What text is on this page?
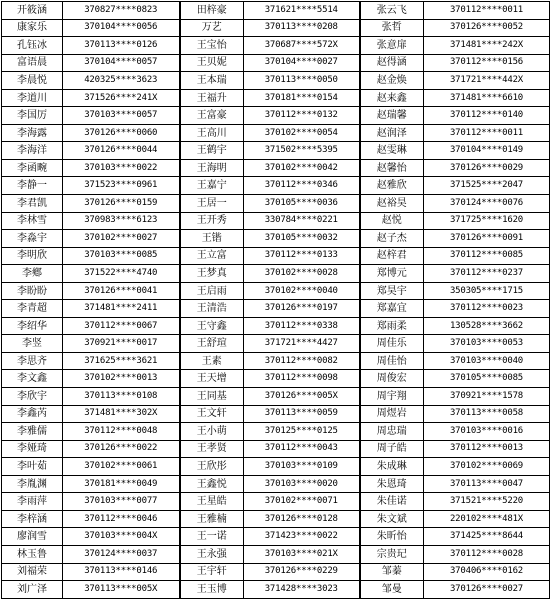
开筱涵	370827****0823	田梓豪	371621****5514	张云飞	370112****0011
康家乐	370104****0056	万艺	370113****0208	张哲	370126****0052
孔钰冰	370113****0126	王宝怡	370687****572X	张意扉	371481****242X
富语晨	370104****0057	王贝妮	370104****0027	赵得涵	370112****0156
李晨悦	420325****3623	王本瑞	370113****0050	赵金焕	371721****442X
李道川	371526****241X	王福升	370181****0154	赵来鑫	371481****6610
李国厉	370103****0057	王富豪	370112****0132	赵瑞馨	370112****0140
李海露	370126****0060	王高川	370102****0054	赵润泽	370112****0011
李海洋	370126****0044	王鹤宇	371502****5395	赵雯琳	370104****0149
李函畹	370103****0022	王海明	370102****0042	赵馨怡	370126****0029
李静一	371523****0961	王嘉宁	370112****0346	赵雅欣	371525****2047
李君凯	370126****0159	王居一	370105****0036	赵裕昊	370124****0076
李林雪	370983****6123	王开秀	330784****0221	赵悦	371725****1620
李淼宇	370102****0027	王锴	370105****0032	赵子杰	370126****0091
李明欣	370103****0085	王立富	370112****0133	赵梓君	370112****0085
李鄕	371522****4740	王梦真	370102****0028	郑博元	370112****0237
李盼盼	370126****0041	王启雨	370102****0040	郑昊宇	350305****1715
李青超	371481****2411	王清浩	370126****0197	郑嘉宜	370112****0023
李绍华	370112****0067	王守鑫	370112****0338	郑雨柔	130528****3662
李竖	370921****0017	王舒瑄	371721****4427	周佳乐	370103****0053
李思齐	371625****3621	王素	370112****0082	周佳怡	370103****0040
李文鑫	370102****0013	王天增	370112****0098	周俊宏	370105****0085
李欣宇	370113****0108	王同基	370126****005X	周宇翔	370921****1578
李鑫芮	371481****302X	王文轩	370113****0059	周煜岩	370113****0058
李雅儒	370112****0048	王小萌	370125****0125	周忠瑞	370103****0016
李娅琦	370126****0022	王孝贤	370112****0043	周子皓	370112****0013
李叶茹	370102****0061	王欣彤	370103****0109	朱成琳	370102****0069
李胤渊	370181****0049	王鑫悦	370103****0020	朱恩琦	370113****0047
李雨萍	370103****0077	王星皓	370102****0071	朱佳诺	371521****5220
李梓涵	370112****0046	王雅楠	370126****0128	朱文斌	220102****481X
廖润雪	370103****004X	王一诺	371423****0022	朱昕怡	371425****8644
林玉鲁	370124****0037	王永强	370103****021X	宗贵玘	370112****0028
刘福荣	370113****0146	王宇轩	370126****0229	邹蓁	370406****0162
刘广泽	370113****005X	王玉博	371428****3023	邹曼	370126****0027
